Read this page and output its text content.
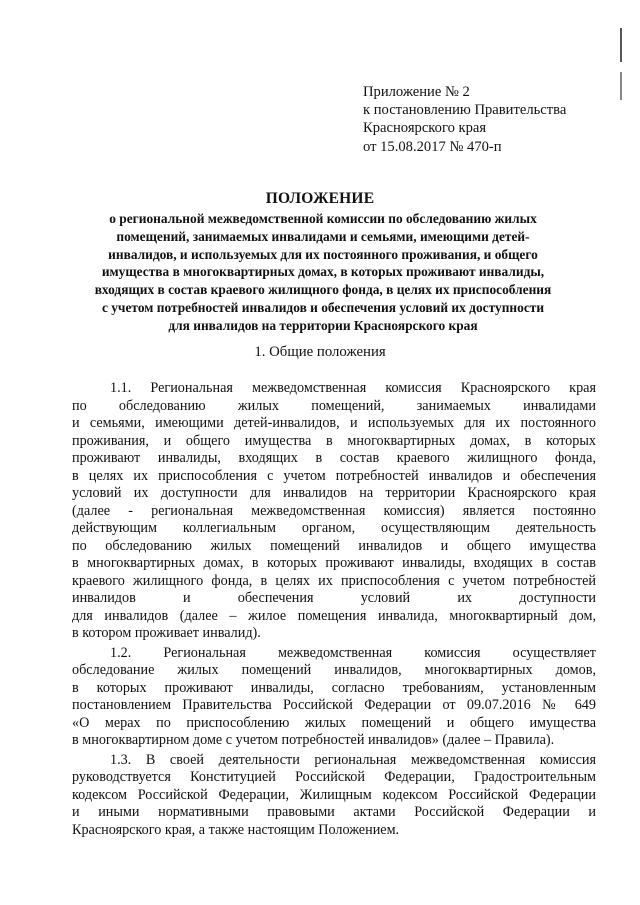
Приложение № 2
к постановлению Правительства
Красноярского края
от 15.08.2017 № 470-п
ПОЛОЖЕНИЕ
о региональной межведомственной комиссии по обследованию жилых
помещений, занимаемых инвалидами и семьями, имеющими детей-
инвалидов, и используемых для их постоянного проживания, и общего
имущества в многоквартирных домах, в которых проживают инвалиды,
входящих в состав краевого жилищного фонда, в целях их приспособления
с учетом потребностей инвалидов и обеспечения условий их доступности
для инвалидов на территории Красноярского края
1. Общие положения
1.1. Региональная межведомственная комиссия Красноярского края
по обследованию жилых помещений, занимаемых инвалидами
и семьями, имеющими детей-инвалидов, и используемых для их постоянного
проживания, и общего имущества в многоквартирных домах, в которых
проживают инвалиды, входящих в состав краевого жилищного фонда,
в целях их приспособления с учетом потребностей инвалидов и обеспечения
условий их доступности для инвалидов на территории Красноярского края
(далее - региональная межведомственная комиссия) является постоянно
действующим коллегиальным органом, осуществляющим деятельность
по обследованию жилых помещений инвалидов и общего имущества
в многоквартирных домах, в которых проживают инвалиды, входящих в состав
краевого жилищного фонда, в целях их приспособления с учетом потребностей
инвалидов и обеспечения условий их доступности
для инвалидов (далее – жилое помещения инвалида, многоквартирный дом,
в котором проживает инвалид).
1.2. Региональная межведомственная комиссия осуществляет
обследование жилых помещений инвалидов, многоквартирных домов,
в которых проживают инвалиды, согласно требованиям, установленным
постановлением Правительства Российской Федерации от 09.07.2016 № 649
«О мерах по приспособлению жилых помещений и общего имущества
в многоквартирном доме с учетом потребностей инвалидов» (далее – Правила).
1.3. В своей деятельности региональная межведомственная комиссия
руководствуется Конституцией Российской Федерации, Градостроительным
кодексом Российской Федерации, Жилищным кодексом Российской Федерации
и иными нормативными правовыми актами Российской Федерации и
Красноярского края, а также настоящим Положением.
